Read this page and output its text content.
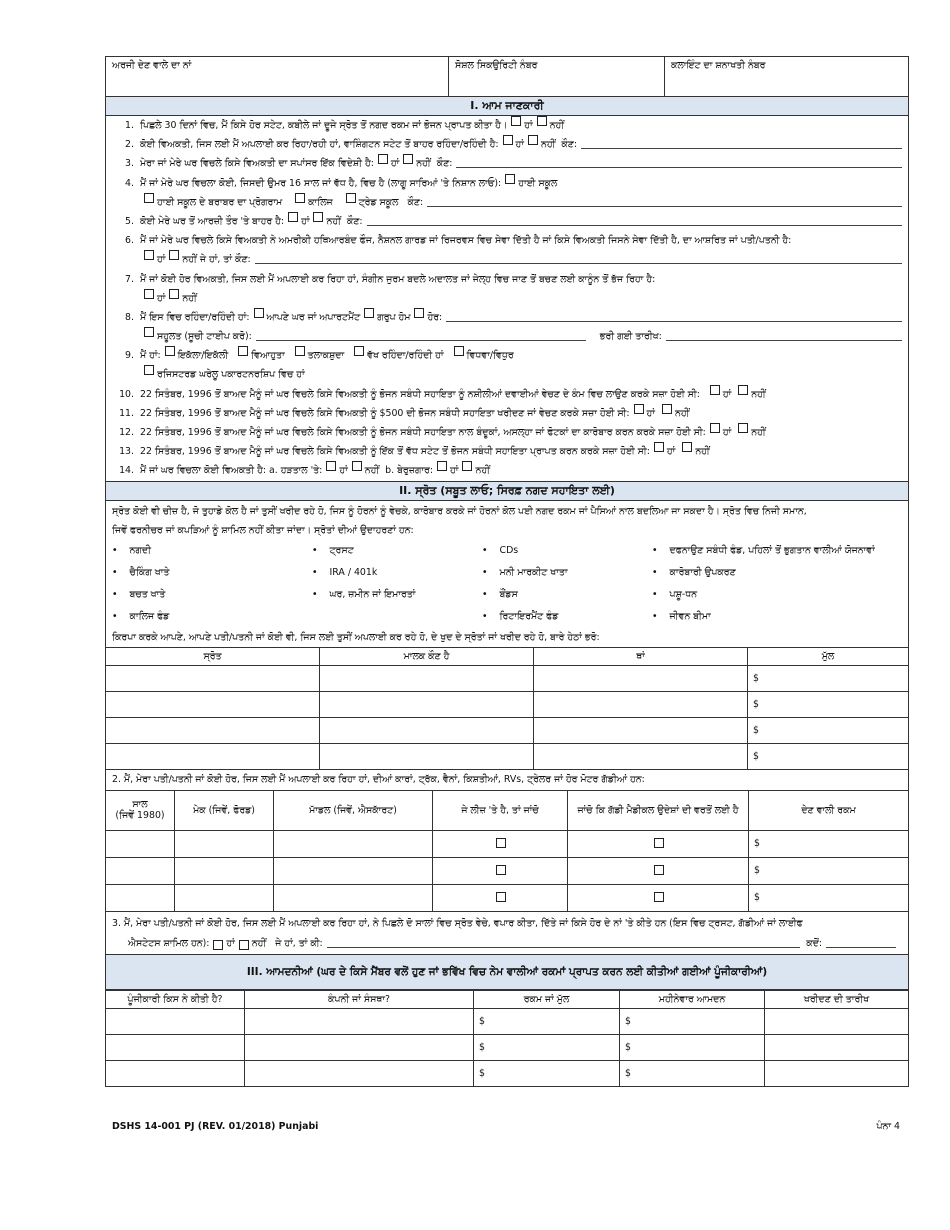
ਅਰਜੀ ਦੇਣ ਵਾਲੇ ਦਾ ਨਾਂ	ਸੋਸ਼ਲ ਸਿਕਉਰਿਟੀ ਨੰਬਰ	ਕਲਾਇੰਟ ਦਾ ਸ਼ਨਾਖਤੀ ਨੰਬਰ
I. ਆਮ ਜਾਣਕਾਰੀ
1. ਪਿਛਲੇ 30 ਦਿਨਾਂ ਵਿਚ, ਮੈਂ ਕਿਸੇ ਹੋਰ ਸਟੇਟ, ਕਬੀਲੇ ਜਾਂ ਦੂਜੇ ਸ੍ਰੋਤ ਤੋਂ ਨਗਦ ਰਕਮ ਜਾਂ ਭੋਜਨ ਪ੍ਰਾਪਤ ਕੀਤਾ ਹੈ। ਹਾਂ ਨਹੀਂ
2. ਕੋਈ ਵਿਅਕਤੀ, ਜਿਸ ਲਈ ਮੈਂ ਅਪਲਾਈ ਕਰ ਰਿਹਾ/ਰਹੀ ਹਾਂ, ਵਾਸ਼ਿੰਗਟਨ ਸਟੇਟ ਤੋਂ ਬਾਹਰ ਰਹਿੰਦਾ/ਰਹਿੰਦੀ ਹੈ: ਹਾਂ ਨਹੀਂ
ਕੌਣ:
3. ਮੇਰਾ ਜਾਂ ਮੇਰੇ ਘਰ ਵਿਚਲੇ ਕਿਸੇ ਵਿਅਕਤੀ ਦਾ ਸਪਾਂਸਰ ਇੱਕ ਵਿਦੇਸ਼ੀ ਹੈ: ਹਾਂ ਨਹੀਂ
ਕੌਣ:
4. ਮੈਂ ਜਾਂ ਮੇਰੇ ਘਰ ਵਿਚਲਾ ਕੋਈ, ਜਿਸਦੀ ਉਮਰ 16 ਸਾਲ ਜਾਂ ਵੱਧ ਹੈ, ਵਿਚ ਹੈ (ਲਾਗੂ ਸਾਰਿਆਂ 'ਤੇ ਨਿਸ਼ਾਨ ਲਾਓ): ਹਾਈ ਸਕੂਲ
ਹਾਈ ਸਕੂਲ ਦੇ ਬਰਾਬਰ ਦਾ ਪ੍ਰੋਗਰਾਮ
	ਕਾਲਿਜ
	ਟ੍ਰੇਡ ਸਕੂਲ
ਕੌਣ:
5. ਕੋਈ ਮੇਰੇ ਘਰ ਤੋਂ ਆਰਜ਼ੀ ਤੌਰ 'ਤੇ ਬਾਹਰ ਹੈ: ਹਾਂ ਨਹੀਂ
ਕੌਣ:
6. ਮੈਂ ਜਾਂ ਮੇਰੇ ਘਰ ਵਿਚਲੇ ਕਿਸੇ ਵਿਅਕਤੀ ਨੇ ਅਮਰੀਕੀ ਹਥਿਆਰਬੰਦ ਫੌਜ, ਨੈਸ਼ਨਲ ਗਾਰਡ ਜਾਂ ਰਿਜਰਵਸ ਵਿਚ ਸੇਵਾ ਦਿੱਤੀ ਹੈ ਜਾਂ ਕਿਸੇ ਵਿਅਕਤੀ ਜਿਸਨੇ ਸੇਵਾ ਦਿੱਤੀ ਹੈ, ਦਾ ਆਸ਼ਰਿਤ ਜਾਂ ਪਤੀ/ਪਤਨੀ ਹੈ:
ਹਾਂ ਨਹੀਂ
ਜੇ ਹਾਂ, ਤਾਂ ਕੌਣ:
7. ਮੈਂ ਜਾਂ ਕੋਈ ਹੋਰ ਵਿਅਕਤੀ, ਜਿਸ ਲਈ ਮੈਂ ਅਪਲਾਈ ਕਰ ਰਿਹਾ ਹਾਂ, ਸੰਗੀਨ ਜੁਰਮ ਬਦਲੇ ਅਦਾਲਤ ਜਾਂ ਜੇਲ੍ਹ ਵਿਚ ਜਾਣ ਤੋਂ ਬਚਣ ਲਈ ਕਾਨੂੰਨ ਤੋਂ ਭੱਜ ਰਿਹਾ ਹੈ:
ਹਾਂ ਨਹੀਂ
8. ਮੈਂ ਇਸ ਵਿਚ ਰਹਿੰਦਾ/ਰਹਿੰਦੀ ਹਾਂ: ਆਪਣੇ ਘਰ ਜਾਂ ਅਪਾਰਟਮੈਂਟ ਗਰੁਪ ਹੋਮ ਹੋਰ:
ਸਹੂਲਤ (ਸੂਚੀ ਟਾਈਪ ਕਰੋ):	ਭਰੀ ਗਈ ਤਾਰੀਖ:
9. ਮੈਂ ਹਾਂ: ਇਕੱਲਾ/ਇਕੱਲੀ
ਵਿਆਹੁਤਾ
ਤਲਾਕਸ਼ੁਦਾ
ਵੱਖ ਰਹਿੰਦਾ/ਰਹਿੰਦੀ ਹਾਂ
ਵਿਧਵਾ/ਵਿਧੁਰ
ਰਜਿਸਟਰਡ ਘਰੇਲੂ ਪਕਾਰਟਨਰਸ਼ਿਪ ਵਿਚ ਹਾਂ
10. 22 ਸਿਤੰਬਰ, 1996 ਤੋਂ ਬਾਅਦ ਮੈਨੂੰ ਜਾਂ ਘਰ ਵਿਚਲੇ ਕਿਸੇ ਵਿਅਕਤੀ ਨੂੰ ਭੋਜਨ ਸਬੰਧੀ ਸਹਾਇਤਾ ਨੂੰ ਨਸ਼ੀਲੀਆਂ ਦਵਾਈਆਂ ਵੇਚਣ ਦੇ ਕੰਮ ਵਿਚ ਲਾਉਣ ਕਰਕੇ ਸਜ਼ਾ ਹੋਈ ਸੀ:
ਹਾਂ
ਨਹੀਂ
11. 22 ਸਿਤੰਬਰ, 1996 ਤੋਂ ਬਾਅਦ ਮੈਨੂੰ ਜਾਂ ਘਰ ਵਿਚਲੇ ਕਿਸੇ ਵਿਅਕਤੀ ਨੂੰ $500 ਦੀ ਭੋਜਨ ਸਬੰਧੀ ਸਹਾਇਤਾ ਖਰੀਦਣ ਜਾਂ ਵੇਚਣ ਕਰਕੇ ਸਜ਼ਾ ਹੋਈ ਸੀ: ਹਾਂ
ਨਹੀਂ
12. 22 ਸਿਤੰਬਰ, 1996 ਤੋਂ ਬਾਅਦ ਮੈਨੂੰ ਜਾਂ ਘਰ ਵਿਚਲੇ ਕਿਸੇ ਵਿਅਕਤੀ ਨੂੰ ਭੋਜਨ ਸਬੰਧੀ ਸਹਾਇਤਾ ਨਾਲ ਬੰਦੂਕਾਂ, ਅਸਲ੍ਹਾ ਜਾਂ ਫੋਟਕਾਂ ਦਾ ਕਾਰੋਬਾਰ ਕਰਨ ਕਰਕੇ ਸਜ਼ਾ ਹੋਈ ਸੀ: ਹਾਂ
ਨਹੀਂ
13. 22 ਸਿਤੰਬਰ, 1996 ਤੋਂ ਬਾਅਦ ਮੈਨੂੰ ਜਾਂ ਘਰ ਵਿਚਲੇ ਕਿਸੇ ਵਿਅਕਤੀ ਨੂੰ ਇੱਕ ਤੋਂ ਵੱਧ ਸਟੇਟ ਤੋਂ ਭੋਜਨ ਸਬੰਧੀ ਸਹਾਇਤਾ ਪ੍ਰਾਪਤ ਕਰਨ ਕਰਕੇ ਸਜ਼ਾ ਹੋਈ ਸੀ: ਹਾਂ
ਨਹੀਂ
14. ਮੈਂ ਜਾਂ ਘਰ ਵਿਚਲਾ ਕੋਈ ਵਿਅਕਤੀ ਹੈ: a. ਹੜਤਾਲ 'ਤੇ: ਹਾਂ ਨਹੀਂ
b. ਬੇਰੁਜ਼ਗਾਰ: ਹਾਂ ਨਹੀਂ
II. ਸ੍ਰੋਤ (ਸਬੂਤ ਲਾਓ; ਸਿਰਫ਼ ਨਗਦ ਸਹਾਇਤਾ ਲਈ)
ਸ੍ਰੋਤ ਕੋਈ ਵੀ ਚੀਜ਼ ਹੈ, ਜੋ ਤੁਹਾਡੇ ਕੋਲ ਹੈ ਜਾਂ ਤੁਸੀਂ ਖਰੀਦ ਰਹੇ ਹੋ, ਜਿਸ ਨੂੰ ਹੋਰਨਾਂ ਨੂੰ ਵੇਚਕੇ, ਕਾਰੋਬਾਰ ਕਰਕੇ ਜਾਂ ਹੋਰਨਾਂ ਕੋਲ ਪਈ ਨਗਦ ਰਕਮ ਜਾਂ ਪੈਸਿਆਂ ਨਾਲ ਬਦਲਿਆ ਜਾ ਸਕਦਾ ਹੈ। ਸ੍ਰੋਤ ਵਿਚ ਨਿਜੀ ਸਮਾਨ,
ਜਿਵੇਂ ਫਰਨੀਚਰ ਜਾਂ ਕਪੜਿਆਂ ਨੂੰ ਸ਼ਾਮਿਲ ਨਹੀਂ ਕੀਤਾ ਜਾਂਦਾ। ਸ੍ਰੋਤਾਂ ਦੀਆਂ ਉਦਾਹਰਣਾਂ ਹਨ:
• ਨਗਦੀ	• ਟ੍ਰਸਟ	• CDs	• ਦਫਨਾਉਣ ਸਬੰਧੀ ਫੰਡ, ਪਹਿਲਾਂ ਤੋਂ ਭੁਗਤਾਨ ਵਾਲੀਆਂ ਯੋਜਨਾਵਾਂ
• ਚੈਕਿੰਗ ਖਾਤੇ	• IRA / 401k	• ਮਨੀ ਮਾਰਕੀਟ ਖਾਤਾ	• ਕਾਰੋਬਾਰੀ ਉਪਕਰਣ
• ਬਚਤ ਖਾਤੇ	• ਘਰ, ਜ਼ਮੀਨ ਜਾਂ ਇਮਾਰਤਾਂ	• ਬੌਂਡਸ	• ਪਸ਼ੂ-ਧਨ
• ਕਾਲਿਜ ਫੰਡ	• ਰਿਟਾਇਰਮੈਂਟ ਫੰਡ	• ਜੀਵਨ ਬੀਮਾ
ਕਿਰਪਾ ਕਰਕੇ ਆਪਣੇ, ਆਪਣੇ ਪਤੀ/ਪਤਨੀ ਜਾਂ ਕੋਈ ਵੀ, ਜਿਸ ਲਈ ਤੁਸੀਂ ਅਪਲਾਈ ਕਰ ਰਹੇ ਹੋ, ਦੇ ਖੁਦ ਦੇ ਸ੍ਰੋਤਾਂ ਜਾਂ ਖਰੀਦ ਰਹੇ ਹੋ, ਬਾਰੇ ਹੇਠਾਂ ਭਰੋ:
ਸ੍ਰੋਤ	ਮਾਲਕ ਕੌਣ ਹੈ	ਥਾਂ	ਮੁੱਲ
			$
			$
			$
			$
2. ਮੈਂ, ਮੇਰਾ ਪਤੀ/ਪਤਨੀ ਜਾਂ ਕੋਈ ਹੋਰ, ਜਿਸ ਲਈ ਮੈਂ ਅਪਲਾਈ ਕਰ ਰਿਹਾ ਹਾਂ, ਦੀਆਂ ਕਾਰਾਂ, ਟ੍ਰੱਕ, ਵੈਨਾਂ, ਕਿਸ਼ਤੀਆਂ, RVs, ਟ੍ਰੇਲਰ ਜਾਂ ਹੋਰ ਮੋਟਰ ਗੱਡੀਆਂ ਹਨ:
ਸਾਲ
(ਜਿਵੇਂ 1980)	ਮੇਕ (ਜਿਵੇਂ, ਫੋਰਡ)	ਮਾੱਡਲ (ਜਿਵੇਂ, ਐਸਕਾੱਰਟ)	ਜੇ ਲੀਜ਼ 'ਤੇ ਹੈ, ਤਾਂ ਜਾਂਚੋ	ਜਾਂਚੋ ਕਿ ਗੱਡੀ ਮੈਡੀਕਲ ਉਦੇਸ਼ਾਂ ਦੀ ਵਰਤੋਂ ਲਈ ਹੈ	ਦੇਣ ਵਾਲੀ ਰਕਮ
					$
					$
					$
3. ਮੈਂ, ਮੇਰਾ ਪਤੀ/ਪਤਨੀ ਜਾਂ ਕੋਈ ਹੋਰ, ਜਿਸ ਲਈ ਮੈਂ ਅਪਲਾਈ ਕਰ ਰਿਹਾ ਹਾਂ, ਨੇ ਪਿਛਲੇ ਦੋ ਸਾਲਾਂ ਵਿਚ ਸ੍ਰੋਤ ਵੇਚੇ, ਵਪਾਰ ਕੀਤਾ, ਦਿੱਤੇ ਜਾਂ ਕਿਸੇ ਹੋਰ ਦੇ ਨਾਂ 'ਤੇ ਕੀਤੇ ਹਨ (ਇਸ ਵਿਚ ਟ੍ਰਸਟ, ਗੱਡੀਆਂ ਜਾਂ ਲਾਈਫ
ਐਸਟੇਟਸ ਸ਼ਾਮਿਲ ਹਨ): ਹਾਂ ਨਹੀਂ
ਜੇ ਹਾਂ, ਤਾਂ ਕੀ:	ਕਦੋਂ:
III. ਆਮਦਨੀਆਂ (ਘਰ ਦੇ ਕਿਸੇ ਮੈਂਬਰ ਵਲੋਂ ਹੁਣ ਜਾਂ ਭਵਿੱਖ ਵਿਚ ਨੇਮ ਵਾਲੀਆਂ ਰਕਮਾਂ ਪ੍ਰਾਪਤ ਕਰਨ ਲਈ ਕੀਤੀਆਂ ਗਈਆਂ ਪੂੰਜੀਕਾਰੀਆਂ)
ਪੂੰਜੀਕਾਰੀ ਕਿਸ ਨੇ ਕੀਤੀ ਹੈ?	ਕੰਪਨੀ ਜਾਂ ਸੰਸਥਾ?	ਰਕਮ ਜਾਂ ਮੁੱਲ	ਮਹੀਨੇਵਾਰ ਆਮਦਨ	ਖਰੀਦਣ ਦੀ ਤਾਰੀਖ
		$	$	
		$	$	
		$	$	
DSHS 14-001 PJ (REV. 01/2018) Punjabi	ਪੰਨਾ 4
